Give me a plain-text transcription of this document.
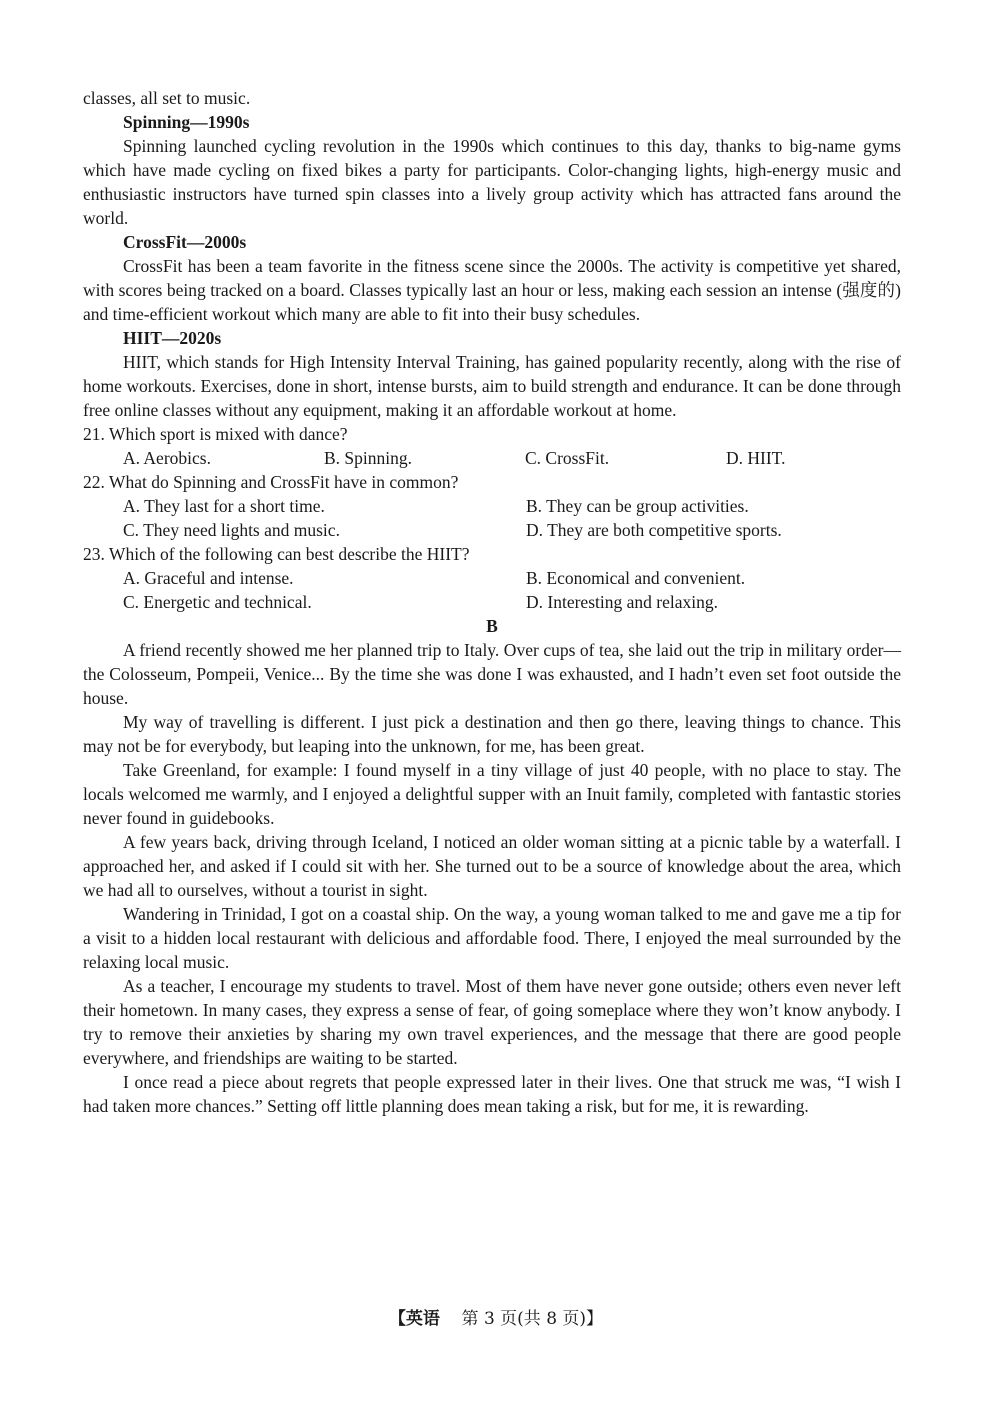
classes, all set to music.

Spinning—1990s

Spinning launched cycling revolution in the 1990s which continues to this day, thanks to big-name gyms which have made cycling on fixed bikes a party for participants. Color-changing lights, high-energy music and enthusiastic instructors have turned spin classes into a lively group activity which has attracted fans around the world.

CrossFit—2000s

CrossFit has been a team favorite in the fitness scene since the 2000s. The activity is competitive yet shared, with scores being tracked on a board. Classes typically last an hour or less, making each session an intense (强度的) and time-efficient workout which many are able to fit into their busy schedules.

HIIT—2020s

HIIT, which stands for High Intensity Interval Training, has gained popularity recently, along with the rise of home workouts. Exercises, done in short, intense bursts, aim to build strength and endurance. It can be done through free online classes without any equipment, making it an affordable workout at home.

21. Which sport is mixed with dance?

A. Aerobics.	B. Spinning.	C. CrossFit.	D. HIIT.

22. What do Spinning and CrossFit have in common?

A. They last for a short time.	B. They can be group activities.
C. They need lights and music.	D. They are both competitive sports.

23. Which of the following can best describe the HIIT?

A. Graceful and intense.	B. Economical and convenient.
C. Energetic and technical.	D. Interesting and relaxing.

B

A friend recently showed me her planned trip to Italy. Over cups of tea, she laid out the trip in military order—the Colosseum, Pompeii, Venice... By the time she was done I was exhausted, and I hadn’t even set foot outside the house.

My way of travelling is different. I just pick a destination and then go there, leaving things to chance. This may not be for everybody, but leaping into the unknown, for me, has been great.

Take Greenland, for example: I found myself in a tiny village of just 40 people, with no place to stay. The locals welcomed me warmly, and I enjoyed a delightful supper with an Inuit family, completed with fantastic stories never found in guidebooks.

A few years back, driving through Iceland, I noticed an older woman sitting at a picnic table by a waterfall. I approached her, and asked if I could sit with her. She turned out to be a source of knowledge about the area, which we had all to ourselves, without a tourist in sight.

Wandering in Trinidad, I got on a coastal ship. On the way, a young woman talked to me and gave me a tip for a visit to a hidden local restaurant with delicious and affordable food. There, I enjoyed the meal surrounded by the relaxing local music.

As a teacher, I encourage my students to travel. Most of them have never gone outside; others even never left their hometown. In many cases, they express a sense of fear, of going someplace where they won’t know anybody. I try to remove their anxieties by sharing my own travel experiences, and the message that there are good people everywhere, and friendships are waiting to be started.

I once read a piece about regrets that people expressed later in their lives. One that struck me was, “I wish I had taken more chances.” Setting off little planning does mean taking a risk, but for me, it is rewarding.

【英语 第 3 页(共 8 页)】
